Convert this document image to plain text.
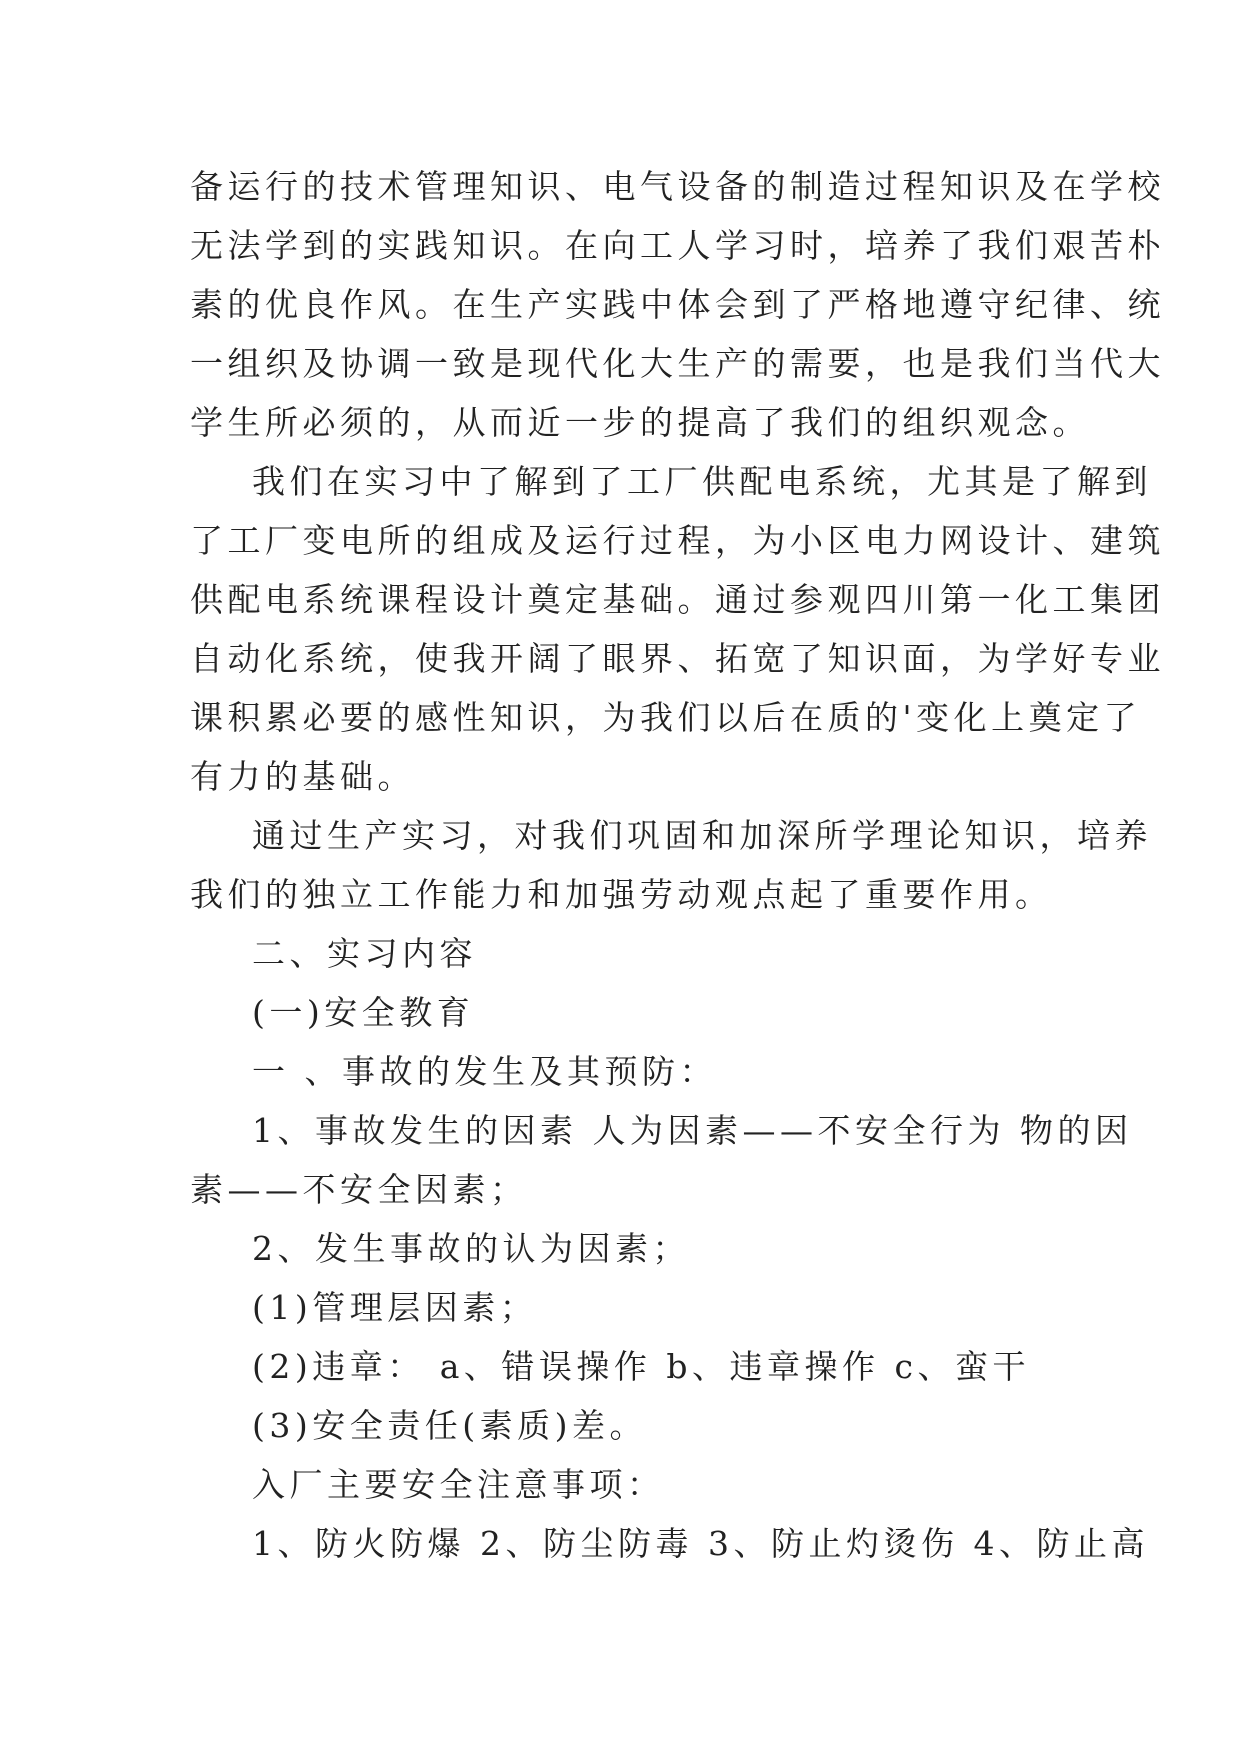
备运行的技术管理知识、电气设备的制造过程知识及在学校
无法学到的实践知识。在向工人学习时，培养了我们艰苦朴
素的优良作风。在生产实践中体会到了严格地遵守纪律、统
一组织及协调一致是现代化大生产的需要，也是我们当代大
学生所必须的，从而近一步的提高了我们的组织观念。
我们在实习中了解到了工厂供配电系统，尤其是了解到
了工厂变电所的组成及运行过程，为小区电力网设计、建筑
供配电系统课程设计奠定基础。通过参观四川第一化工集团
自动化系统，使我开阔了眼界、拓宽了知识面，为学好专业
课积累必要的感性知识，为我们以后在质的'变化上奠定了
有力的基础。
通过生产实习，对我们巩固和加深所学理论知识，培养
我们的独立工作能力和加强劳动观点起了重要作用。
二、实习内容
(一)安全教育
一 、事故的发生及其预防：
1、事故发生的因素 人为因素——不安全行为 物的因
素——不安全因素；
2、发生事故的认为因素；
(1)管理层因素；
(2)违章： a、错误操作 b、违章操作 c、蛮干
(3)安全责任(素质)差。
入厂主要安全注意事项：
1、防火防爆 2、防尘防毒 3、防止灼烫伤 4、防止高
